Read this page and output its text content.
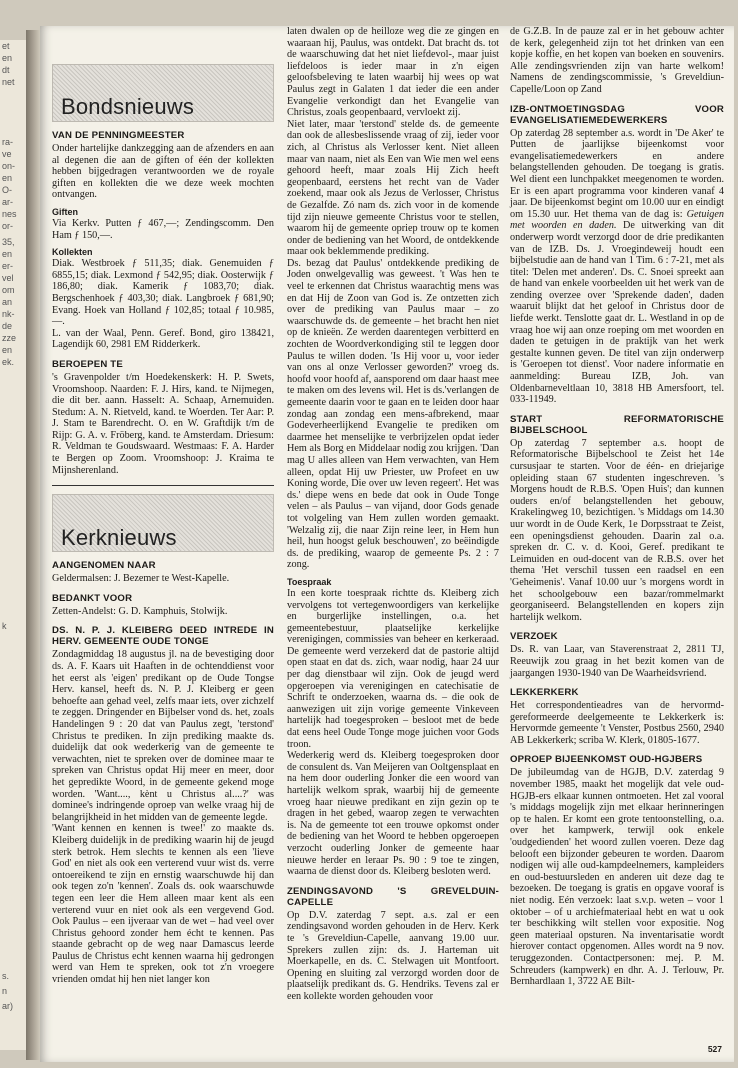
et
en
dt
net
ra-
ve
on-
en
O-
ar-
nes
or-
35,
en
er-
vel
om
an
nk-
de
zze
en
ek.
k
s.
n
ar)
Bondsnieuws
VAN DE PENNINGMEESTER

Onder hartelijke dankzegging aan de afzenders en aan al degenen die aan de giften of één der kollekten hebben bijgedragen verantwoorden we de royale giften en kollekten die we deze week mochten ontvangen.

Giften

Via Kerkv. Putten ƒ 467,—; Zendingscomm. Den Ham ƒ 150,—.

Kollekten

Diak. Westbroek ƒ 511,35; diak. Genemuiden ƒ 6855,15; diak. Lexmond ƒ 542,95; diak. Oosterwijk ƒ 186,80; diak. Kamerik ƒ 1083,70; diak. Bergschenhoek ƒ 403,30; diak. Langbroek ƒ 681,90; Evang. Hoek van Holland ƒ 102,85; totaal ƒ 10.985,—.

L. van der Waal, Penn. Geref. Bond, giro 138421, Lagendijk 60, 2981 EM Ridderkerk.

BEROEPEN TE

's Gravenpolder t/m Hoedekenskerk: H. P. Swets, Vroomshoop. Naarden: F. J. Hirs, kand. te Nijmegen, die dit ber. aann. Hasselt: A. Schaap, Arnemuiden. Stedum: A. N. Rietveld, kand. te Woerden. Ter Aar: P. J. Stam te Barendrecht. O. en W. Graftdijk t/m de Rijp: G. A. v. Fröberg, kand. te Amsterdam. Driesum: R. Veldman te Goudswaard. Westmaas: F. A. Harder te Bergen op Zoom. Vroomshoop: J. Kraima te Mijnsherenland.

Kerknieuws
AANGENOMEN NAAR

Geldermalsen: J. Bezemer te West-Kapelle.

BEDANKT VOOR

Zetten-Andelst: G. D. Kamphuis, Stolwijk.

DS. N. P. J. KLEIBERG DEED INTREDE IN HERV. GEMEENTE OUDE TONGE

Zondagmiddag 18 augustus jl. na de bevestiging door ds. A. F. Kaars uit Haaften in de ochtenddienst voor het eerst als 'eigen' predikant op de Oude Tongse Herv. kansel, heeft ds. N. P. J. Kleiberg er geen behoefte aan gehad veel, zelfs maar iets, over zichzelf te zeggen. Dringender en Bijbelser vond ds. het, zoals Handelingen 9 : 20 dat van Paulus zegt, 'terstond' Christus te prediken. In zijn prediking maakte ds. duidelijk dat ook wederkerig van de gemeente te verwachten, niet te spreken over de dominee maar te spreken van Christus opdat Hij meer en meer, door het gepredikte Woord, in de gemeente gekend moge worden. 'Want...., kènt u Christus al....?' was dominee's indringende oproep van welke vraag hij de belangrijkheid in het midden van de gemeente legde.

'Want kennen en kennen is twee!' zo maakte ds. Kleiberg duidelijk in de prediking waarin hij de jeugd sterk betrok. Hem slechts te kennen als een 'lieve God' en niet als ook een verterend vuur wist ds. verre ontoereikend te zijn en ernstig waarschuwde hij dan ook tegen zo'n 'kennen'. Zoals ds. ook waarschuwde tegen een leer die Hem alleen maar kent als een verterend vuur en niet ook als een vergevend God. Ook Paulus – een ijveraar van de wet – had veel over Christus gehoord zonder hem écht te kennen. Pas staande gebracht op de weg naar Damascus leerde Paulus de Christus echt kennen waarna hij gedrongen werd van Hem te spreken, ook tot z'n vroegere vrienden omdat hij hen niet langer kon

laten dwalen op de heilloze weg die ze gingen en waaraan hij, Paulus, was ontdekt. Dat bracht ds. tot de waarschuwing dat het niet liefdevol-, maar juist liefdeloos is ieder maar in z'n eigen geloofsbeleving te laten waarbij hij wees op wat Paulus zegt in Galaten 1 dat ieder die een ander Evangelie verkondigt dan het Evangelie van Christus, zoals geopenbaard, vervloekt zij.

Niet later, maar 'terstond' stelde ds. de gemeente dan ook de allesbeslissende vraag of zij, ieder voor zich, al Christus als Verlosser kent. Niet alleen maar van naam, niet als Een van Wie men wel eens gehoord heeft, maar zoals Hij Zich heeft geopenbaard, eerstens het recht van de Vader zoekend, maar ook als Jezus de Verlosser, Christus de Gezalfde. Zó nam ds. zich voor in de komende tijd zijn nieuwe gemeente Christus voor te stellen, waarom hij de gemeente opriep trouw op te komen onder de bediening van het Woord, de ontdekkende maar ook beklemmende prediking.

Ds. bezag dat Paulus' ontdekkende prediking de Joden onwelgevallig was geweest. 't Was hen te veel te erkennen dat Christus waarachtig mens was en dat Hij de Zoon van God is. Ze ontzetten zich over de prediking van Paulus maar – zo waarschuwde ds. de gemeente – het bracht hen niet op de knieën. Ze werden daarentegen verbitterd en zochten de Woordverkondiging stil te leggen door Paulus te willen doden. 'Is Hij voor u, voor ieder van ons al onze Verlosser geworden?' vroeg ds. hoofd voor hoofd af, aansporend om daar haast mee te maken om des levens wil. Het is ds.'verlangen de gemeente daarin voor te gaan en te leiden door haar zondag aan zondag een mens-afbrekend, maar Godeverheerlijkend Evangelie te prediken om daarmee het menselijke te verbrijzelen opdat ieder Hem als Borg en Middelaar nodig zou krijgen. 'Dan mag U alles alleen van Hem verwachten, van Hem alleen, opdat Hij uw Priester, uw Profeet en uw Koning worde, Die over uw leven regeert'. Het was ds.' diepe wens en bede dat ook in Oude Tonge velen – als Paulus – van vijand, door Gods genade tot volgeling van Hem zullen worden gemaakt. 'Welzalig zij, die naar Zijn reine leer, in Hem hun heil, hun hoogst geluk beschouwen', zo beëindigde ds. de prediking, waarop de gemeente Ps. 2 : 7 zong.

Toespraak

In een korte toespraak richtte ds. Kleiberg zich vervolgens tot vertegenwoordigers van kerkelijke en burgerlijke instellingen, o.a. het gemeentebestuur, plaatselijke kerkelijke verenigingen, commissies van beheer en kerkeraad. De gemeente werd verzekerd dat de pastorie altijd open staat en dat ds. zich, waar nodig, haar 24 uur per dag dienstbaar wil zijn. Ook de jeugd werd opgeroepen via verenigingen en catechisatie de Schrift te onderzoeken, waarna ds. – die ook de aanwezigen uit zijn vorige gemeente Vinkeveen hartelijk had toegesproken – besloot met de bede dat eens heel Oude Tonge moge juichen voor Gods troon.

Wederkerig werd ds. Kleiberg toegesproken door de consulent ds. Van Meijeren van Ooltgensplaat en na hem door ouderling Jonker die een woord van hartelijk welkom sprak, waarbij hij de gemeente vroeg haar nieuwe predikant en zijn gezin op te dragen in het gebed, waarop zegen te verwachten is. Na de gemeente tot een trouwe opkomst onder de bediening van het Woord te hebben opgeroepen verzocht ouderling Jonker de gemeente haar nieuwe herder en leraar Ps. 90 : 9 toe te zingen, waarna de dienst door ds. Kleiberg besloten werd.

ZENDINGSAVOND 'S GREVELDUIN-CAPELLE

Op D.V. zaterdag 7 sept. a.s. zal er een zendingsavond worden gehouden in de Herv. Kerk te 's Greveldiun-Capelle, aanvang 19.00 uur. Sprekers zullen zijn: ds. J. Harteman uit Moerkapelle, en ds. C. Stelwagen uit Montfoort. Opening en sluiting zal verzorgd worden door de plaatselijk predikant ds. G. Hendriks. Tevens zal er een kollekte worden gehouden voor

de G.Z.B. In de pauze zal er in het gebouw achter de kerk, gelegenheid zijn tot het drinken van een kopje koffie, en het kopen van boeken en souvenirs. Alle zendingsvrienden zijn van harte welkom! Namens de zendingscommissie, 's Greveldiun-Capelle/Loon op Zand

IZB-ONTMOETINGSDAG VOOR EVANGELISATIEMEDEWERKERS

Op zaterdag 28 september a.s. wordt in 'De Aker' te Putten de jaarlijkse bijeenkomst voor evangelisatiemedewerkers en andere belangstellenden gehouden. De toegang is gratis. Wel dient een lunchpakket meegenomen te worden. Er is een apart programma voor kinderen vanaf 4 jaar. De bijeenkomst begint om 10.00 uur en eindigt om 15.30 uur. Het thema van de dag is: Getuigen met woorden en daden. De uitwerking van dit onderwerp wordt verzorgd door de drie predikanten van de IZB. Ds. J. Vroegindeweij houdt een bijbelstudie aan de hand van 1 Tim. 6 : 7-21, met als titel: 'Delen met anderen'. Ds. C. Snoei spreekt aan de hand van enkele voorbeelden uit het werk van de zending overzee over 'Sprekende daden', daden waaruit blijkt dat het geloof in Christus door de liefde werkt. Tenslotte gaat dr. L. Westland in op de vraag hoe wij aan onze roeping om met woorden en daden te getuigen in de praktijk van het werk gestalte kunnen geven. De titel van zijn onderwerp is 'Geroepen tot dienst'. Voor nadere informatie en aanmelding: Bureau IZB, Joh. van Oldenbarneveltlaan 10, 3818 HB Amersfoort, tel. 033-11949.

START REFORMATORISCHE BIJBELSCHOOL

Op zaterdag 7 september a.s. hoopt de Reformatorische Bijbelschool te Zeist het 14e cursusjaar te starten. Voor de één- en driejarige opleiding staan 67 studenten ingeschreven. 's Morgens houdt de R.B.S. 'Open Huis'; dan kunnen ouders en/of belangstellenden het gebouw, Krakelingweg 10, bezichtigen. 's Middags om 14.30 uur wordt in de Oude Kerk, 1e Dorpsstraat te Zeist, een openingsdienst gehouden. Daarin zal o.a. spreken dr. C. v. d. Kooi, Geref. predikant te Leimuiden en oud-docent van de R.B.S. over het thema 'Het verschil tussen een raadsel en een 'Geheimenis'. Vanaf 10.00 uur 's morgens wordt in het schoolgebouw een bazar/rommelmarkt georganiseerd. Belangstellenden en kopers zijn hartelijk welkom.

VERZOEK

Ds. R. van Laar, van Staverenstraat 2, 2811 TJ, Reeuwijk zou graag in het bezit komen van de jaargangen 1930-1940 van De Waarheidsvriend.

LEKKERKERK

Het correspondentieadres van de hervormd-gereformeerde deelgemeente te Lekkerkerk is: Hervormde gemeente 't Venster, Postbus 2560, 2940 AB Lekkerkerk; scriba W. Klerk, 01805-1677.

OPROEP BIJEENKOMST OUD-HGJBERS

De jubileumdag van de HGJB, D.V. zaterdag 9 november 1985, maakt het mogelijk dat vele oud-HGJB-ers elkaar kunnen ontmoeten. Het zal vooral 's middags mogelijk zijn met elkaar herinneringen op te halen. Er komt een grote tentoonstelling, o.a. over het kampwerk, terwijl ook enkele 'oudgedienden' het woord zullen voeren. Deze dag belooft een bijzonder gebeuren te worden. Daarom nodigen wij alle oud-kampdeelnemers, kampleiders en oud-bestuursleden en anderen uit deze dag te bezoeken. De toegang is gratis en opgave vooraf is niet nodig. Eén verzoek: laat s.v.p. weten – voor 1 oktober – of u archiefmateriaal hebt en wat u ook ter beschikking wilt stellen voor expositie. Nog geen materiaal opsturen. Na inventarisatie wordt hierover contact opgenomen. Alles wordt na 9 nov. teruggezonden. Contactpersonen: mej. P. M. Schreuders (kampwerk) en dhr. A. J. Terlouw, Pr. Bernhardlaan 1, 3722 AE Bilt-

527
